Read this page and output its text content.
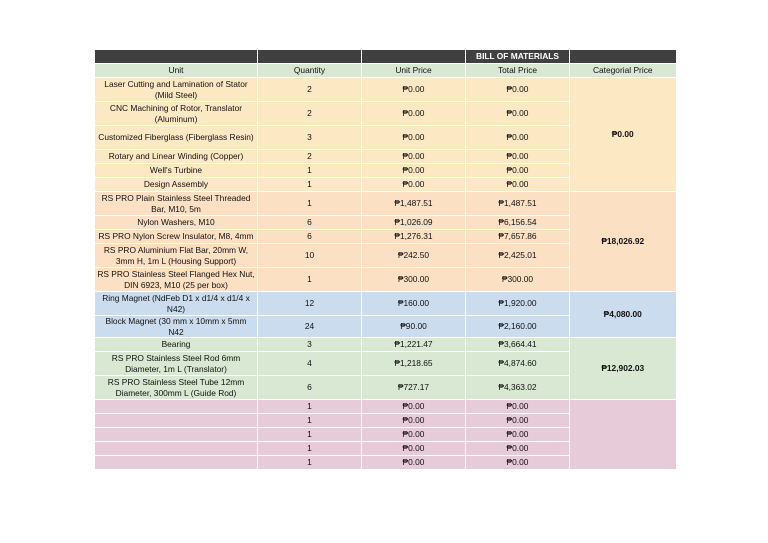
			BILL OF MATERIALS	
Unit	Quantity	Unit Price	Total Price	Categorial Price
Laser Cutting and Lamination of Stator (Mild Steel)	2	₱0.00	₱0.00	₱0.00
CNC Machining of Rotor, Translator (Aluminum)	2	₱0.00	₱0.00	
Customized Fiberglass (Fiberglass Resin)	3	₱0.00	₱0.00	
Rotary and Linear Winding (Copper)	2	₱0.00	₱0.00	
Well's Turbine	1	₱0.00	₱0.00	
Design Assembly	1	₱0.00	₱0.00	
RS PRO Plain Stainless Steel Threaded Bar, M10, 5m	1	₱1,487.51	₱1,487.51	₱18,026.92
Nylon Washers, M10	6	₱1,026.09	₱6,156.54	
RS PRO Nylon Screw Insulator, M8, 4mm	6	₱1,276.31	₱7,657.86	
RS PRO Aluminium Flat Bar, 20mm W, 3mm H, 1m L (Housing Support)	10	₱242.50	₱2,425.01	
RS PRO Stainless Steel Flanged Hex Nut, DIN 6923, M10 (25 per box)	1	₱300.00	₱300.00	
Ring Magnet (NdFeb D1 x d1/4 x d1/4 x N42)	12	₱160.00	₱1,920.00	₱4,080.00
Block Magnet (30 mm x 10mm x 5mm N42	24	₱90.00	₱2,160.00	
Bearing	3	₱1,221.47	₱3,664.41	₱12,902.03
RS PRO Stainless Steel Rod 6mm Diameter, 1m L (Translator)	4	₱1,218.65	₱4,874.60	
RS PRO Stainless Steel Tube 12mm Diameter, 300mm L (Guide Rod)	6	₱727.17	₱4,363.02	
	1	₱0.00	₱0.00	
	1	₱0.00	₱0.00	
	1	₱0.00	₱0.00	
	1	₱0.00	₱0.00	
	1	₱0.00	₱0.00	
